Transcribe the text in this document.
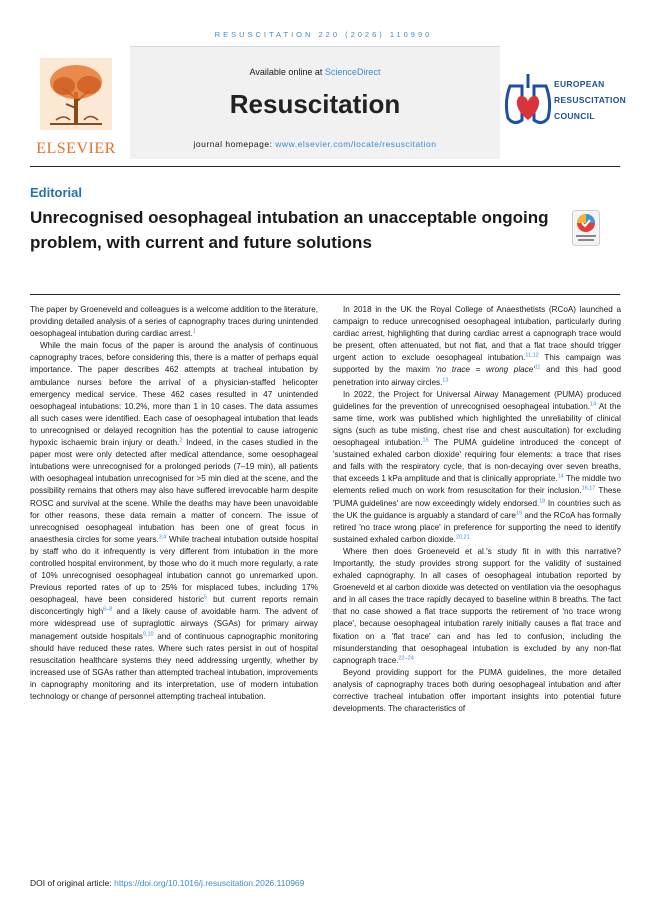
RESUSCITATION 220 (2026) 110990
ELSEVIER
Available online at ScienceDirect
Resuscitation
journal homepage: www.elsevier.com/locate/resuscitation
EUROPEAN
RESUSCITATION
COUNCIL
Editorial
Unrecognised oesophageal intubation an unacceptable ongoing problem, with current and future solutions

The paper by Groeneveld and colleagues is a welcome addition to the literature, providing detailed analysis of a series of capnography traces during unintended oesophageal intubation during cardiac arrest.$^1$

While the main focus of the paper is around the analysis of continuous capnography traces, before considering this, there is a matter of perhaps equal importance. The paper describes 462 attempts at tracheal intubation by ambulance nurses before the arrival of a physician-staffed helicopter emergency medical service. These 462 cases resulted in 47 unintended oesophageal intubations: 10.2%, more than 1 in 10 cases. The data assumes all such cases were identified. Each case of oesophageal intubation that leads to unrecognised or delayed recognition has the potential to cause iatrogenic hypoxic ischaemic brain injury or death.$^2$ Indeed, in the cases studied in the paper most were only detected after medical attendance, some oesophageal intubations were unrecognised for a prolonged periods (7–19 min), all patients with oesophageal intubation unrecognised for >5 min died at the scene, and the possibility remains that others may also have suffered irrevocable harm despite ROSC and survival at the scene. While the deaths may have been unavoidable for other reasons, these data remain a matter of concern. The issue of unrecognised oesophageal intubation has been one of great focus in anaesthesia circles for some years.$^{3,4}$ While tracheal intubation outside hospital by staff who do it infrequently is very different from intubation in the more controlled hospital environment, by those who do it much more regularly, a rate of 10% unrecognised oesophageal intubation cannot go unremarked upon. Previous reported rates of up to 25% for misplaced tubes, including 17% oesophageal, have been considered historic$^5$ but current reports remain disconcertingly high$^{6-8}$ and a likely cause of avoidable harm. The advent of more widespread use of supraglottic airways (SGAs) for primary airway management outside hospitals$^{9,10}$ and of continuous capnographic monitoring should have reduced these rates. Where such rates persist in out of hospital resuscitation healthcare systems they need addressing urgently, whether by increased use of SGAs rather than attempted tracheal intubation, improvements in capnography monitoring and its interpretation, use of modern intubation technology or change of personnel attempting tracheal intubation.

In 2018 in the UK the Royal College of Anaesthetists (RCoA) launched a campaign to reduce unrecognised oesophageal intubation, particularly during cardiac arrest, highlighting that during cardiac arrest a capnograph trace would be present, often attenuated, but not flat, and that a flat trace should trigger urgent action to exclude oesophageal intubation.$^{11,12}$ This campaign was supported by the maxim 'no trace = wrong $place'^{11}$ and this had good penetration into airway circles.$^{13}$

In 2022, the Project for Universal Airway Management (PUMA) produced guidelines for the prevention of unrecognised oesophageal intubation.$^{14}$ At the same time, work was published which highlighted the unreliability of clinical signs (such as tube misting, chest rise and chest auscultation) for excluding oesophageal intubation.$^{15}$ The PUMA guideline introduced the concept of 'sustained exhaled carbon dioxide' requiring four elements: a trace that rises and falls with the respiratory cycle, that is non-decaying over seven breaths, that exceeds 1 kPa amplitude and that is clinically appropriate.$^{14}$ The middle two elements relied much on work from resuscitation for their inclusion.$^{16,17}$ These 'PUMA guidelines' are now exceedingly widely endorsed.$^{18}$ In countries such as the UK the guidance is arguably a standard of care$^{19}$ and the RCoA has formally retired 'no trace wrong place' in preference for supporting the need to identify sustained exhaled carbon dioxide.$^{20,21}$

Where then does Groeneveld et al.'s study fit in with this narrative? Importantly, the study provides strong support for the validity of sustained exhaled capnography. In all cases of oesophageal intubation reported by Groeneveld et al carbon dioxide was detected on ventilation via the oesophagus and in all cases the trace rapidly decayed to baseline within 8 breaths. The fact that no case showed a flat trace supports the retirement of 'no trace wrong place', because oesophageal intubation rarely initially causes a flat trace and fixation on a 'flat trace' can and has led to confusion, including the misunderstanding that oesophageal intubation is excluded by any non-flat capnograph trace.$^{22-24}$

Beyond providing support for the PUMA guidelines, the more detailed analysis of capnography traces both during oesophageal intubation and after corrective tracheal intubation offer important insights into potential future developments. The characteristics of

DOI of original article: https://doi.org/10.1016/j.resuscitation.2026.110969
